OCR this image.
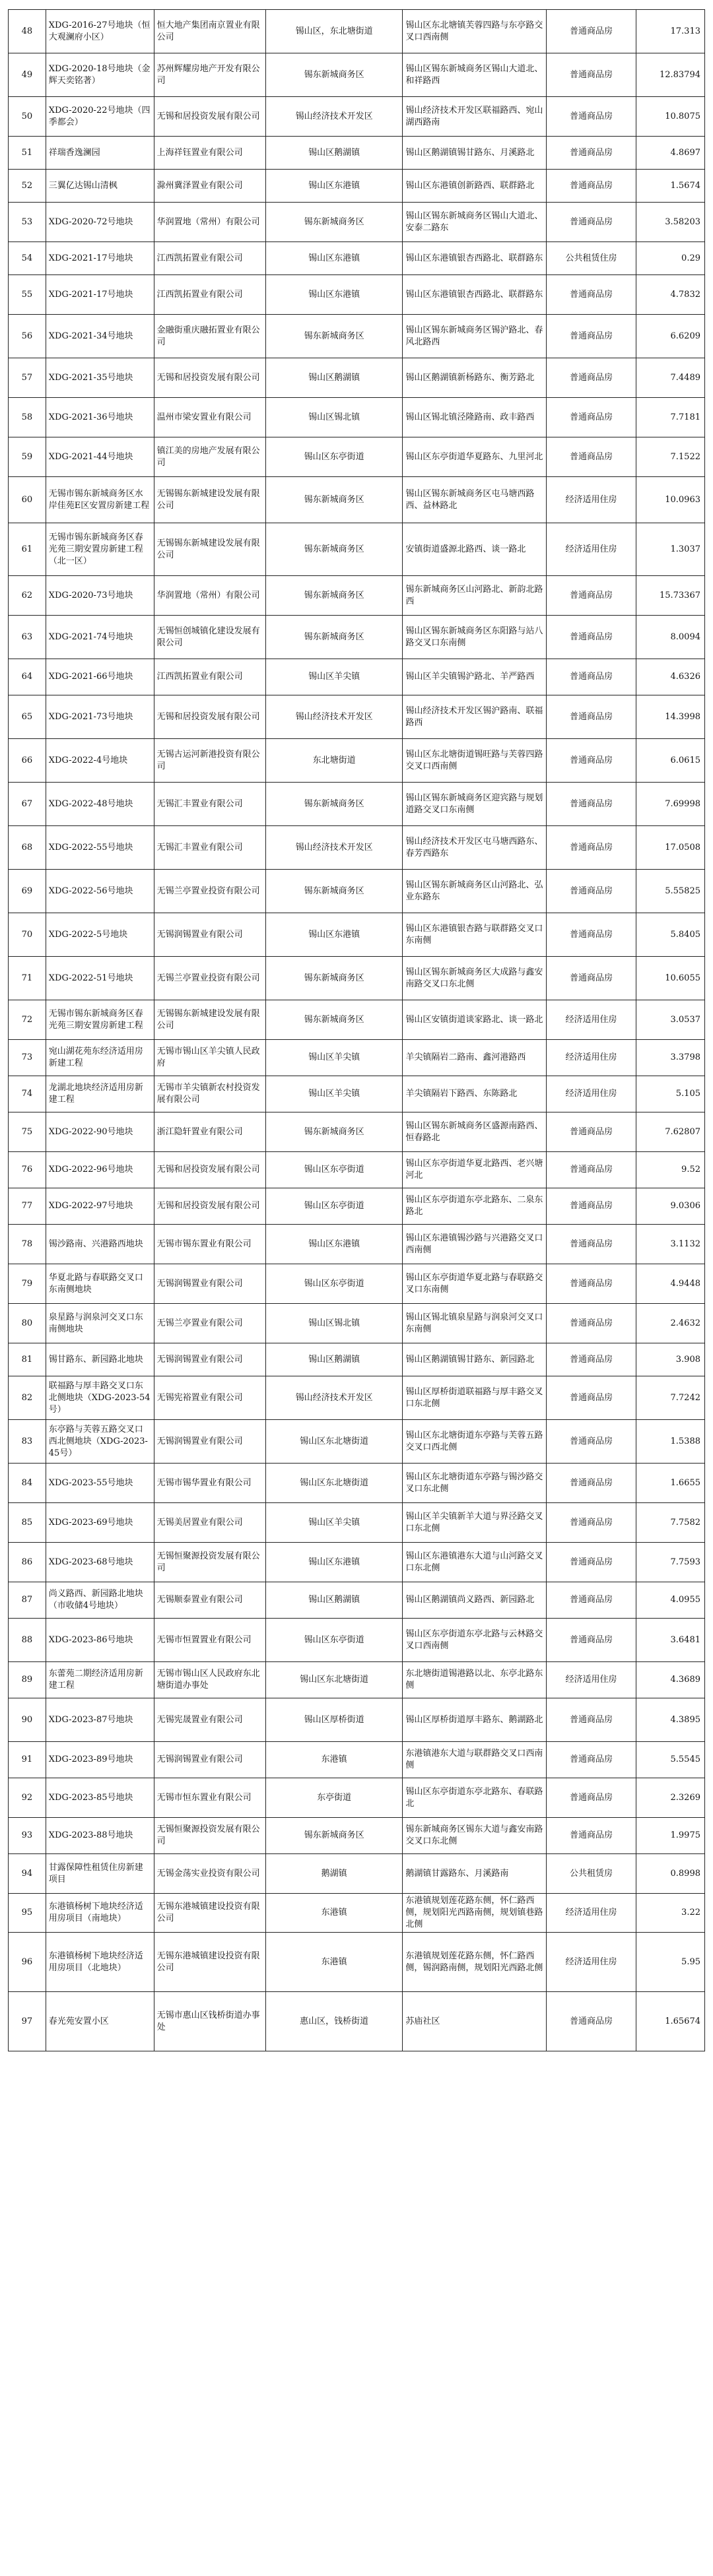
48	XDG-2016-27号地块（恒大观澜府小区）	恒大地产集团南京置业有限公司	锡山区，东北塘街道	锡山区东北塘镇芙蓉四路与东亭路交叉口西南侧	普通商品房	17.313
49	XDG-2020-18号地块（金辉天奕铭著）	苏州辉耀房地产开发有限公司	锡东新城商务区	锡山区锡东新城商务区锡山大道北、和祥路西	普通商品房	12.83794
50	XDG-2020-22号地块（四季都会）	无锡和居投资发展有限公司	锡山经济技术开发区	锡山经济技术开发区联福路西、宛山湖西路南	普通商品房	10.8075
51	祥瑞香逸澜园	上海祥钰置业有限公司	锡山区鹅湖镇	锡山区鹅湖镇锡甘路东、月溪路北	普通商品房	4.8697
52	三翼亿达锡山清枫	滁州冀泽置业有限公司	锡山区东港镇	锡山区东港镇创新路西、联群路北	普通商品房	1.5674
53	XDG-2020-72号地块	华润置地（常州）有限公司	锡东新城商务区	锡山区锡东新城商务区锡山大道北、安泰二路东	普通商品房	3.58203
54	XDG-2021-17号地块	江西凯拓置业有限公司	锡山区东港镇	锡山区东港镇银杏西路北、联群路东	公共租赁住房	0.29
55	XDG-2021-17号地块	江西凯拓置业有限公司	锡山区东港镇	锡山区东港镇银杏西路北、联群路东	普通商品房	4.7832
56	XDG-2021-34号地块	金融街重庆融拓置业有限公司	锡东新城商务区	锡山区锡东新城商务区锡沪路北、春风北路西	普通商品房	6.6209
57	XDG-2021-35号地块	无锡和居投资发展有限公司	锡山区鹅湖镇	锡山区鹅湖镇新杨路东、衡芳路北	普通商品房	7.4489
58	XDG-2021-36号地块	温州市梁安置业有限公司	锡山区锡北镇	锡山区锡北镇泾隆路南、政丰路西	普通商品房	7.7181
59	XDG-2021-44号地块	镇江美的房地产发展有限公司	锡山区东亭街道	锡山区东亭街道华夏路东、九里河北	普通商品房	7.1522
60	无锡市锡东新城商务区水岸佳苑E区安置房新建工程	无锡锡东新城建设发展有限公司	锡东新城商务区	锡山区锡东新城商务区屯马塘西路西、益林路北	经济适用住房	10.0963
61	无锡市锡东新城商务区春光苑三期安置房新建工程（北一区）	无锡锡东新城建设发展有限公司	锡东新城商务区	安镇街道盛源北路西、谈一路北	经济适用住房	1.3037
62	XDG-2020-73号地块	华润置地（常州）有限公司	锡东新城商务区	锡东新城商务区山河路北、新韵北路西	普通商品房	15.73367
63	XDG-2021-74号地块	无锡恒创城镇化建设发展有限公司	锡东新城商务区	锡山区锡东新城商务区东阳路与站八路交叉口东南侧	普通商品房	8.0094
64	XDG-2021-66号地块	江西凯拓置业有限公司	锡山区羊尖镇	锡山区羊尖镇锡沪路北、羊严路西	普通商品房	4.6326
65	XDG-2021-73号地块	无锡和居投资发展有限公司	锡山经济技术开发区	锡山经济技术开发区锡沪路南、联福路西	普通商品房	14.3998
66	XDG-2022-4号地块	无锡古运河新港投资有限公司	东北塘街道	锡山区东北塘街道锡旺路与芙蓉四路交叉口西南侧	普通商品房	6.0615
67	XDG-2022-48号地块	无锡汇丰置业有限公司	锡东新城商务区	锡山区锡东新城商务区迎宾路与规划道路交叉口东南侧	普通商品房	7.69998
68	XDG-2022-55号地块	无锡汇丰置业有限公司	锡山经济技术开发区	锡山经济技术开发区屯马塘西路东、春芳西路东	普通商品房	17.0508
69	XDG-2022-56号地块	无锡兰亭置业投资有限公司	锡东新城商务区	锡山区锡东新城商务区山河路北、弘业东路东	普通商品房	5.55825
70	XDG-2022-5号地块	无锡润锡置业有限公司	锡山区东港镇	锡山区东港镇银杏路与联群路交叉口东南侧	普通商品房	5.8405
71	XDG-2022-51号地块	无锡兰亭置业投资有限公司	锡东新城商务区	锡山区锡东新城商务区大成路与鑫安南路交叉口东北侧	普通商品房	10.6055
72	无锡市锡东新城商务区春光苑三期安置房新建工程	无锡锡东新城建设发展有限公司	锡东新城商务区	锡山区安镇街道谈家路北、谈一路北	经济适用住房	3.0537
73	宛山湖花苑东经济适用房新建工程	无锡市锡山区羊尖镇人民政府	锡山区羊尖镇	羊尖镇隔岩二路南、鑫河港路西	经济适用住房	3.3798
74	龙湖北地块经济适用房新建工程	无锡市羊尖镇新农村投资发展有限公司	锡山区羊尖镇	羊尖镇隔岩下路西、东陈路北	经济适用住房	5.105
75	XDG-2022-90号地块	浙江隐轩置业有限公司	锡东新城商务区	锡山区锡东新城商务区盛源南路西、恒春路北	普通商品房	7.62807
76	XDG-2022-96号地块	无锡和居投资发展有限公司	锡山区东亭街道	锡山区东亭街道华夏北路西、老兴塘河北	普通商品房	9.52
77	XDG-2022-97号地块	无锡和居投资发展有限公司	锡山区东亭街道	锡山区东亭街道东亭北路东、二泉东路北	普通商品房	9.0306
78	锡沙路南、兴港路西地块	无锡市锡东置业有限公司	锡山区东港镇	锡山区东港镇锡沙路与兴港路交叉口西南侧	普通商品房	3.1132
79	华夏北路与春联路交叉口东南侧地块	无锡润锡置业有限公司	锡山区东亭街道	锡山区东亭街道华夏北路与春联路交叉口东南侧	普通商品房	4.9448
80	泉星路与润泉河交叉口东南侧地块	无锡兰亭置业有限公司	锡山区锡北镇	锡山区锡北镇泉星路与润泉河交叉口东南侧	普通商品房	2.4632
81	锡甘路东、新园路北地块	无锡润锡置业有限公司	锡山区鹅湖镇	锡山区鹅湖镇锡甘路东、新园路北	普通商品房	3.908
82	联福路与厚丰路交叉口东北侧地块（XDG-2023-54号）	无锡宪裕置业有限公司	锡山经济技术开发区	锡山区厚桥街道联福路与厚丰路交叉口东北侧	普通商品房	7.7242
83	东亭路与芙蓉五路交叉口西北侧地块（XDG-2023-45号）	无锡润锡置业有限公司	锡山区东北塘街道	锡山区东北塘街道东亭路与芙蓉五路交叉口西北侧	普通商品房	1.5388
84	XDG-2023-55号地块	无锡市锡华置业有限公司	锡山区东北塘街道	锡山区东北塘街道东亭路与锡沙路交叉口东北侧	普通商品房	1.6655
85	XDG-2023-69号地块	无锡美居置业有限公司	锡山区羊尖镇	锡山区羊尖镇新羊大道与界泾路交叉口东北侧	普通商品房	7.7582
86	XDG-2023-68号地块	无锡恒聚源投资发展有限公司	锡山区东港镇	锡山区东港镇港东大道与山河路交叉口东北侧	普通商品房	7.7593
87	尚义路西、新园路北地块（市收储4号地块）	无锡顺泰置业有限公司	锡山区鹅湖镇	锡山区鹅湖镇尚义路西、新园路北	普通商品房	4.0955
88	XDG-2023-86号地块	无锡市恒置置业有限公司	锡山区东亭街道	锡山区东亭街道东亭北路与云林路交叉口西南侧	普通商品房	3.6481
89	东蕾苑二期经济适用房新建工程	无锡市锡山区人民政府东北塘街道办事处	锡山区东北塘街道	东北塘街道锡港路以北、东亭北路东侧	经济适用住房	4.3689
90	XDG-2023-87号地块	无锡宪晟置业有限公司	锡山区厚桥街道	锡山区厚桥街道厚丰路东、鹅湖路北	普通商品房	4.3895
91	XDG-2023-89号地块	无锡润锡置业有限公司	东港镇	东港镇港东大道与联群路交叉口西南侧	普通商品房	5.5545
92	XDG-2023-85号地块	无锡市恒东置业有限公司	东亭街道	锡山区东亭街道东亭北路东、春联路北	普通商品房	2.3269
93	XDG-2023-88号地块	无锡恒聚源投资发展有限公司	锡东新城商务区	锡东新城商务区锡东大道与鑫安南路交叉口东北侧	普通商品房	1.9975
94	甘露保障性租赁住房新建项目	无锡金荡实业投资有限公司	鹅湖镇	鹅湖镇甘露路东、月溪路南	公共租赁房	0.8998
95	东港镇杨树下地块经济适用房项目（南地块）	无锡东港城镇建设投资有限公司	东港镇	东港镇规划莲花路东侧，怀仁路西侧，规划阳光西路南侧，规划镇巷路北侧	经济适用住房	3.22
96	东港镇杨树下地块经济适用房项目（北地块）	无锡东港城镇建设投资有限公司	东港镇	东港镇规划莲花路东侧，怀仁路西侧，锡润路南侧，规划阳光西路北侧	经济适用住房	5.95
97	春光苑安置小区	无锡市惠山区钱桥街道办事处	惠山区，钱桥街道	苏庙社区	普通商品房	1.65674
